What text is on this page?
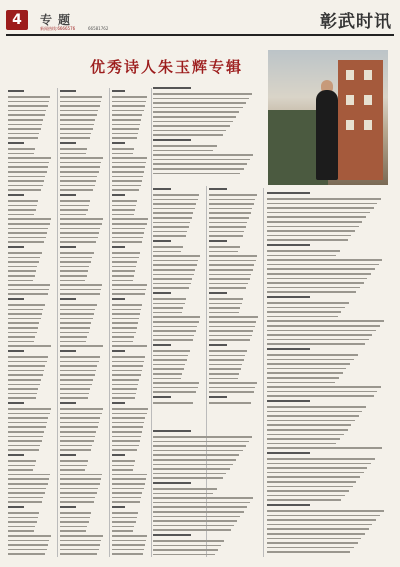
4	专题
新闻热线:6666576	66581762	彰武时讯
优秀诗人朱玉辉专辑
